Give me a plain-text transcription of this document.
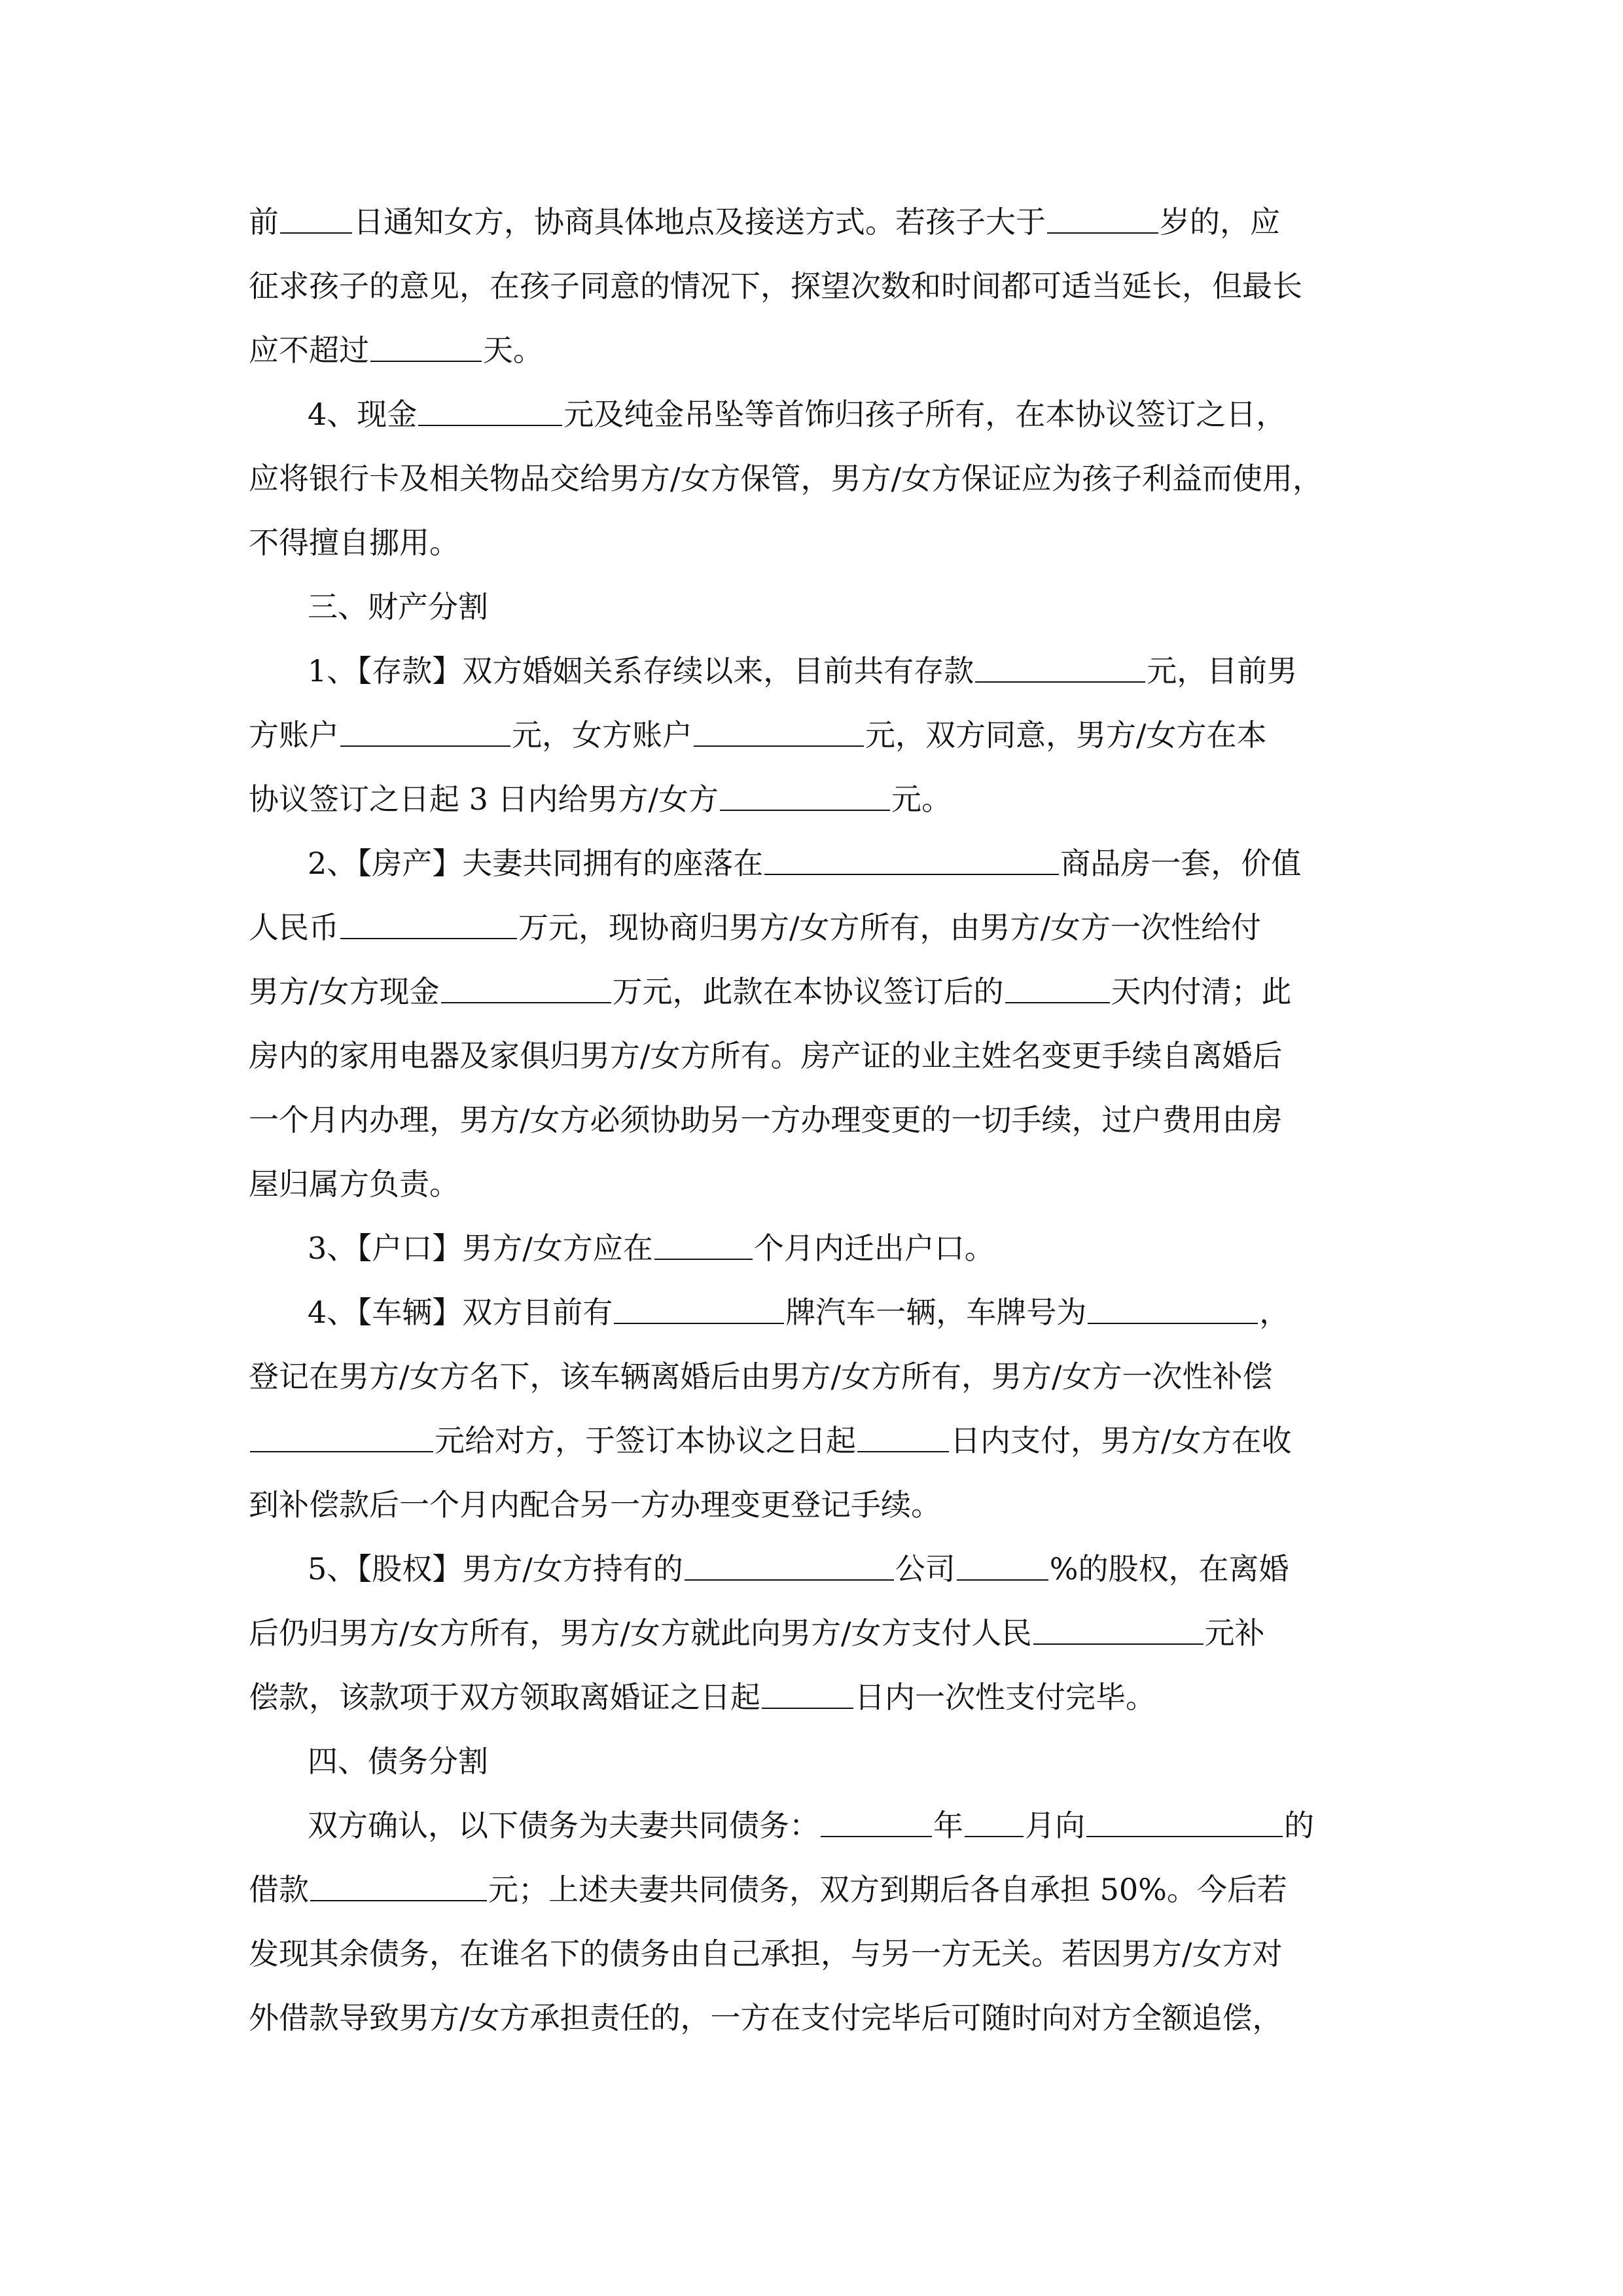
前 日通知女方，协商具体地点及接送方式。若孩子大于	岁的，应
征求孩子的意见，在孩子同意的情况下，探望次数和时间都可适当延长，但最长
应不超过	天。
4、现金	元及纯金吊坠等首饰归孩子所有，在本协议签订之日，
应将银行卡及相关物品交给男方/女方保管，男方/女方保证应为孩子利益而使用，
不得擅自挪用。
三、财产分割
1、【存款】双方婚姻关系存续以来，目前共有存款	元，目前男
方账户	元，女方账户	元，双方同意，男方/女方在本
协议签订之日起 3 日内给男方/女方	元。
2、【房产】夫妻共同拥有的座落在	商品房一套，价值
人民币	万元，现协商归男方/女方所有，由男方/女方一次性给付
男方/女方现金	万元，此款在本协议签订后的	天内付清；此
房内的家用电器及家俱归男方/女方所有。房产证的业主姓名变更手续自离婚后
一个月内办理，男方/女方必须协助另一方办理变更的一切手续，过户费用由房
屋归属方负责。
3、【户口】男方/女方应在	个月内迁出户口。
4、【车辆】双方目前有	牌汽车一辆，车牌号为	，
登记在男方/女方名下，该车辆离婚后由男方/女方所有，男方/女方一次性补偿
元给对方，于签订本协议之日起	日内支付，男方/女方在收
到补偿款后一个月内配合另一方办理变更登记手续。
5、【股权】男方/女方持有的	公司	%的股权，在离婚
后仍归男方/女方所有，男方/女方就此向男方/女方支付人民	元补
偿款，该款项于双方领取离婚证之日起	日内一次性支付完毕。
四、债务分割
双方确认，以下债务为夫妻共同债务：	年 月向	的
借款	元；上述夫妻共同债务，双方到期后各自承担 50%。今后若
发现其余债务，在谁名下的债务由自己承担，与另一方无关。若因男方/女方对
外借款导致男方/女方承担责任的，一方在支付完毕后可随时向对方全额追偿，
